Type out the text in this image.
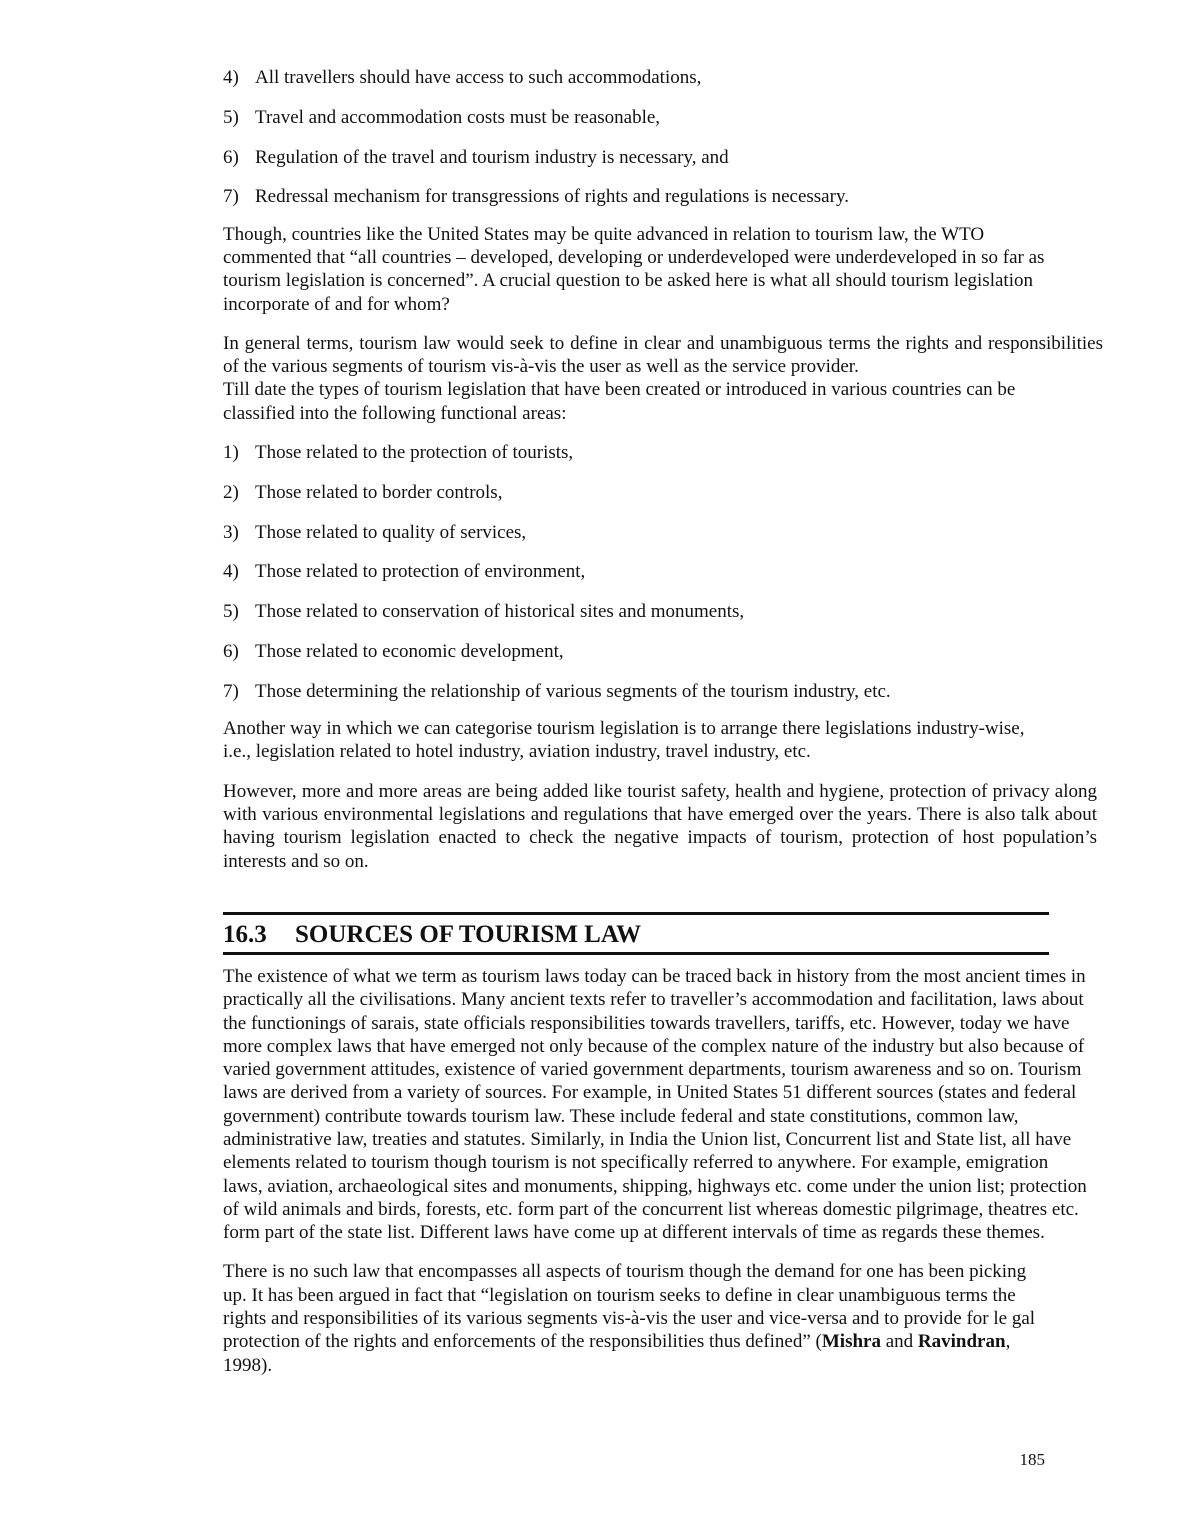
4) All travellers should have access to such accommodations,
5) Travel and accommodation costs must be reasonable,
6) Regulation of the travel and tourism industry is necessary, and
7) Redressal mechanism for transgressions of rights and regulations is necessary.

Though, countries like the United States may be quite advanced in relation to tourism law, the WTO commented that “all countries – developed, developing or underdeveloped were underdeveloped in so far as tourism legislation is concerned”. A crucial question to be asked here is what all should tourism legislation incorporate of and for whom?

In general terms, tourism law would seek to define in clear and unambiguous terms the rights and responsibilities of the various segments of tourism vis-à-vis the user as well as the service provider.

Till date the types of tourism legislation that have been created or introduced in various countries can be classified into the following functional areas:

1) Those related to the protection of tourists,
2) Those related to border controls,
3) Those related to quality of services,
4) Those related to protection of environment,
5) Those related to conservation of historical sites and monuments,
6) Those related to economic development,
7) Those determining the relationship of various segments of the tourism industry, etc.

Another way in which we can categorise tourism legislation is to arrange there legislations industry-wise, i.e., legislation related to hotel industry, aviation industry, travel industry, etc.

However, more and more areas are being added like tourist safety, health and hygiene, protection of privacy along with various environmental legislations and regulations that have emerged over the years. There is also talk about having tourism legislation enacted to check the negative impacts of tourism, protection of host population’s interests and so on.

16.3 SOURCES OF TOURISM LAW

The existence of what we term as tourism laws today can be traced back in history from the most ancient times in practically all the civilisations. Many ancient texts refer to traveller’s accommodation and facilitation, laws about the functionings of sarais, state officials responsibilities towards travellers, tariffs, etc. However, today we have more complex laws that have emerged not only because of the complex nature of the industry but also because of varied government attitudes, existence of varied government departments, tourism awareness and so on. Tourism laws are derived from a variety of sources. For example, in United States 51 different sources (states and federal government) contribute towards tourism law. These include federal and state constitutions, common law, administrative law, treaties and statutes. Similarly, in India the Union list, Concurrent list and State list, all have elements related to tourism though tourism is not specifically referred to anywhere. For example, emigration laws, aviation, archaeological sites and monuments, shipping, highways etc. come under the union list; protection of wild animals and birds, forests, etc. form part of the concurrent list whereas domestic pilgrimage, theatres etc. form part of the state list. Different laws have come up at different intervals of time as regards these themes.

There is no such law that encompasses all aspects of tourism though the demand for one has been picking up. It has been argued in fact that “legislation on tourism seeks to define in clear unambiguous terms the rights and responsibilities of its various segments vis-à-vis the user and vice-versa and to provide for le gal protection of the rights and enforcements of the responsibilities thus defined” (Mishra and Ravindran, 1998).

185
